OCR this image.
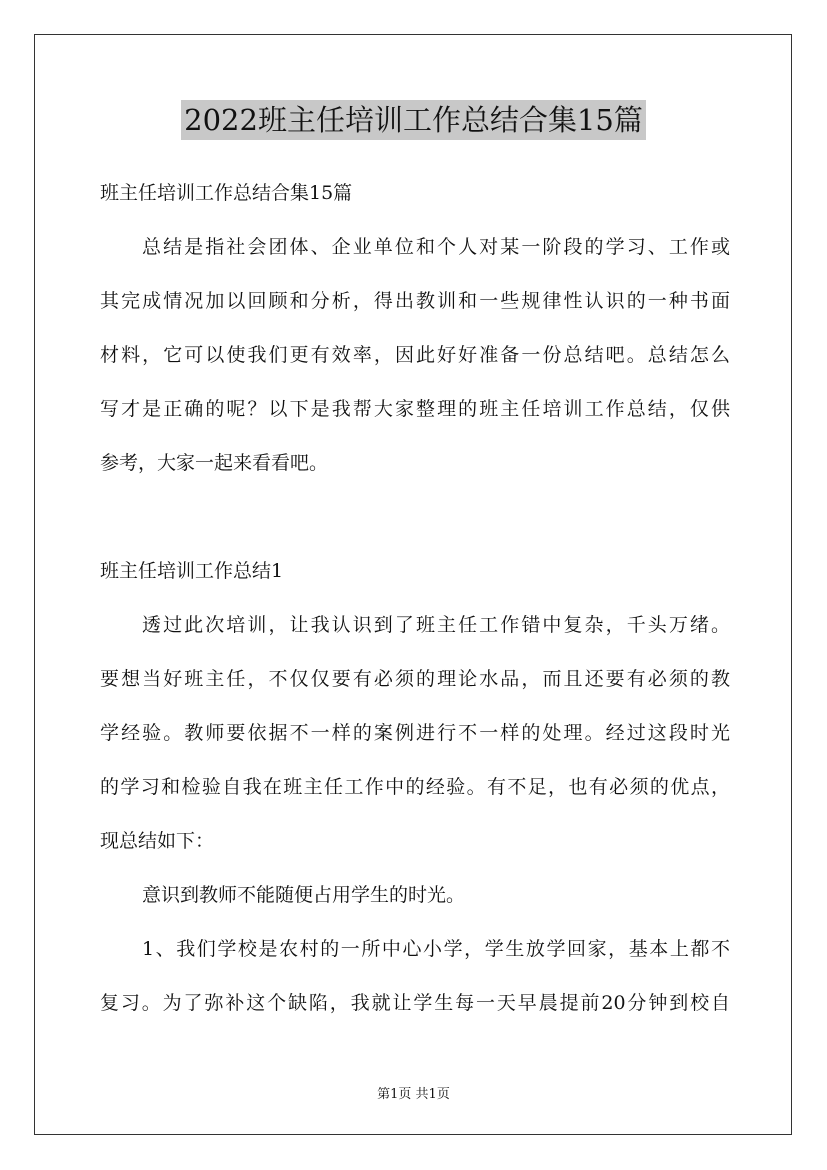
2022班主任培训工作总结合集15篇
班主任培训工作总结合集15篇
总结是指社会团体、企业单位和个人对某一阶段的学习、工作或
其完成情况加以回顾和分析，得出教训和一些规律性认识的一种书面
材料，它可以使我们更有效率，因此好好准备一份总结吧。总结怎么
写才是正确的呢？以下是我帮大家整理的班主任培训工作总结，仅供
参考，大家一起来看看吧。
班主任培训工作总结1
透过此次培训，让我认识到了班主任工作错中复杂，千头万绪。
要想当好班主任，不仅仅要有必须的理论水品，而且还要有必须的教
学经验。教师要依据不一样的案例进行不一样的处理。经过这段时光
的学习和检验自我在班主任工作中的经验。有不足，也有必须的优点，
现总结如下：
意识到教师不能随便占用学生的时光。
1、我们学校是农村的一所中心小学，学生放学回家，基本上都不
复习。为了弥补这个缺陷，我就让学生每一天早晨提前20分钟到校自
第1页 共1页
